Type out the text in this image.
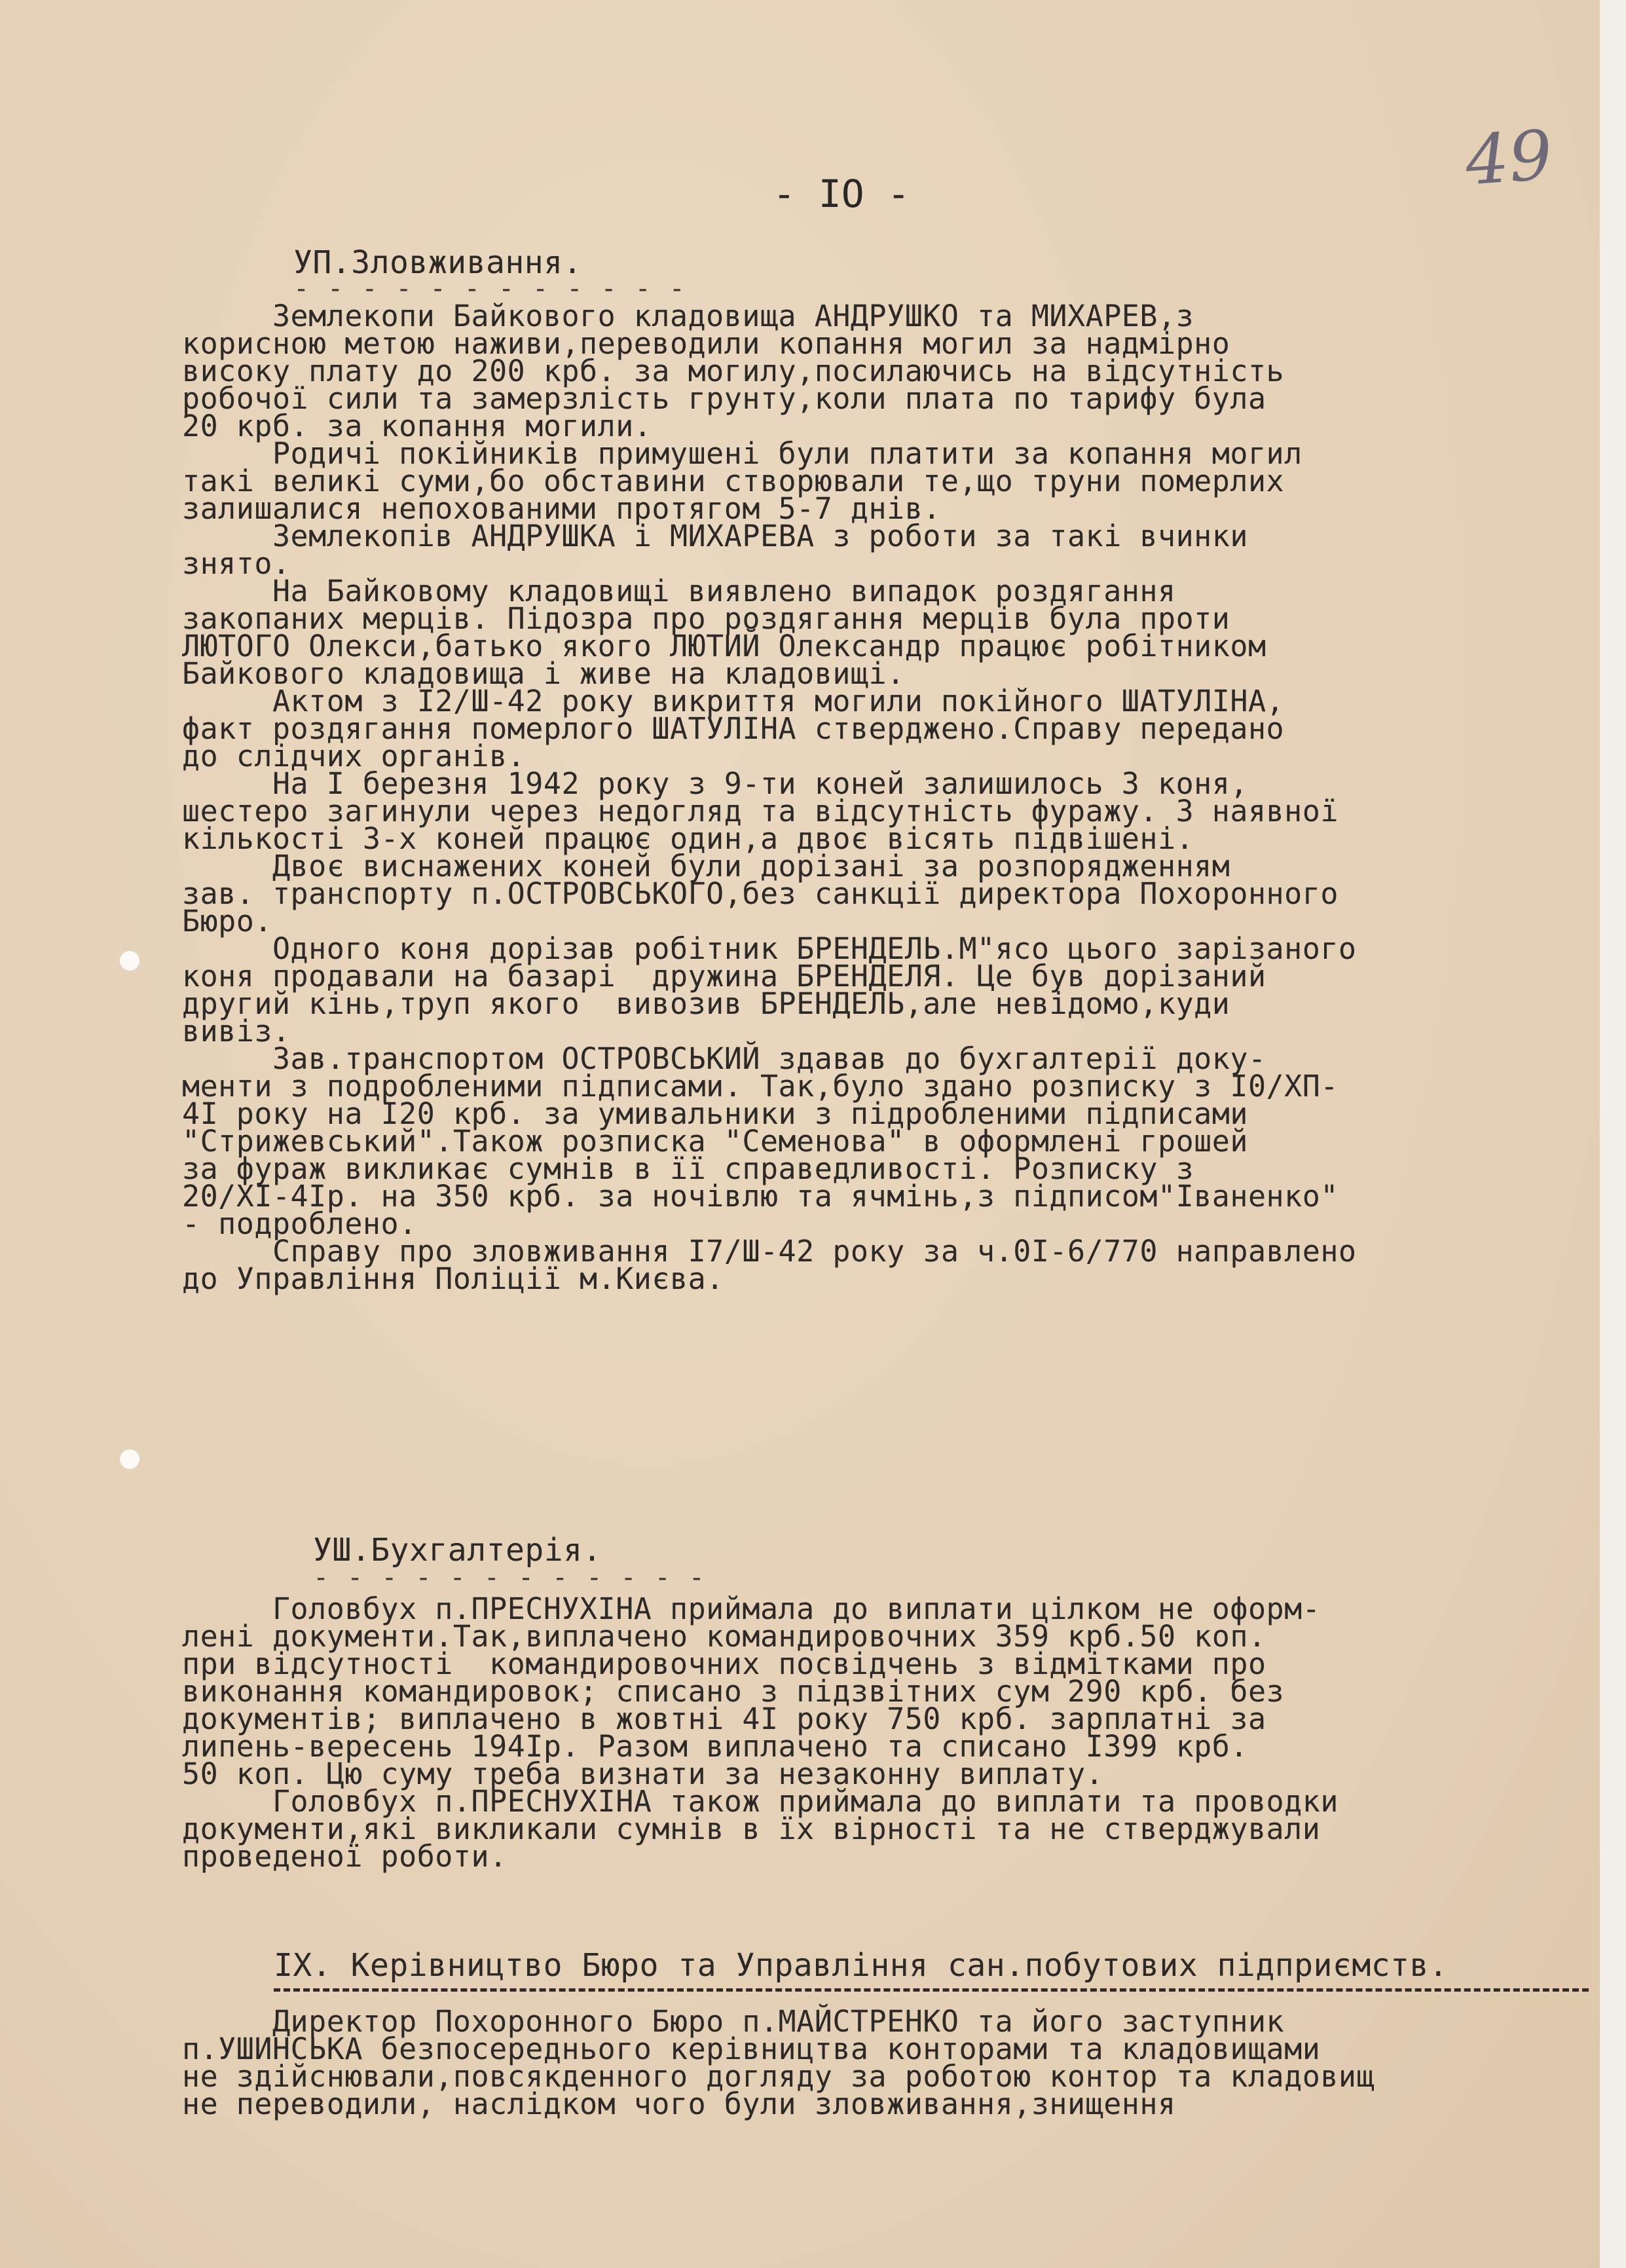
49
- IO -
УП.Зловживання.
- - - - - - - - - - - -
Землекопи Байкового кладовища АНДРУШКО та МИХАРЕВ,з
корисною метою наживи,переводили копання могил за надмірно
високу плату до 200 крб. за могилу,посилаючись на відсутність
робочої сили та замерзлість грунту,коли плата по тарифу була
20 крб. за копання могили.
Родичі покійників примушені були платити за копання могил
такі великі суми,бо обставини створювали те,що труни померлих
залишалися непохованими протягом 5-7 днів.
Землекопів АНДРУШКА і МИХАРЕВА з роботи за такі вчинки
знято.
На Байковому кладовищі виявлено випадок роздягання
закопаних мерців. Підозра про роздягання мерців була проти
ЛЮТОГО Олекси,батько якого ЛЮТИЙ Олександр працює робітником
Байкового кладовища і живе на кладовищі.
Актом з I2/Ш-42 року викриття могили покійного ШАТУЛІНА,
факт роздягання померлого ШАТУЛІНА стверджено.Справу передано
до слідчих органів.
На I березня 1942 року з 9-ти коней залишилось 3 коня,
шестеро загинули через недогляд та відсутність фуражу. З наявної
кількості 3-х коней працює один,а двоє вісять підвішені.
Двоє виснажених коней були дорізані за розпорядженням
зав. транспорту п.ОСТРОВСЬКОГО,без санкції директора Похоронного
Бюро.
Одного коня дорізав робітник БРЕНДЕЛЬ.М"ясо цього зарізаного
коня продавали на базарі  дружина БРЕНДЕЛЯ. Це був дорізаний
другий кінь,труп якого  вивозив БРЕНДЕЛЬ,але невідомо,куди
вивіз.
Зав.транспортом ОСТРОВСЬКИЙ здавав до бухгалтерії доку-
менти з подробленими підписами. Так,було здано розписку з I0/ХП-
4I року на I20 крб. за умивальники з підробленими підписами
"Стрижевський".Також розписка "Семенова" в оформлені грошей
за фураж викликає сумнів в її справедливості. Розписку з
20/XI-4Iр. на 350 крб. за ночівлю та ячмінь,з підписом"Іваненко"
- подроблено.
Справу про зловживання I7/Ш-42 року за ч.0I-6/770 направлено
до Управління Поліції м.Києва.
УШ.Бухгалтерія.
- - - - - - - - - - - -
Головбух п.ПРЕСНУХІНА приймала до виплати цілком не оформ-
лені документи.Так,виплачено командировочних 359 крб.50 коп.
при відсутності  командировочних посвідчень з відмітками про
виконання командировок; списано з підзвітних сум 290 крб. без
документів; виплачено в жовтні 4I року 750 крб. зарплатні за
липень-вересень 194Iр. Разом виплачено та списано I399 крб.
50 коп. Цю суму треба визнати за незаконну виплату.
Головбух п.ПРЕСНУХІНА також приймала до виплати та проводки
документи,які викликали сумнів в їх вірності та не стверджували
проведеної роботи.
IX. Керівництво Бюро та Управління сан.побутових підприємств.
Директор Похоронного Бюро п.МАЙСТРЕНКО та його заступник
п.УШИНСЬКА безпосереднього керівництва конторами та кладовищами
не здійснювали,повсякденного догляду за роботою контор та кладовищ
не переводили, наслідком чого були зловживання,знищення
